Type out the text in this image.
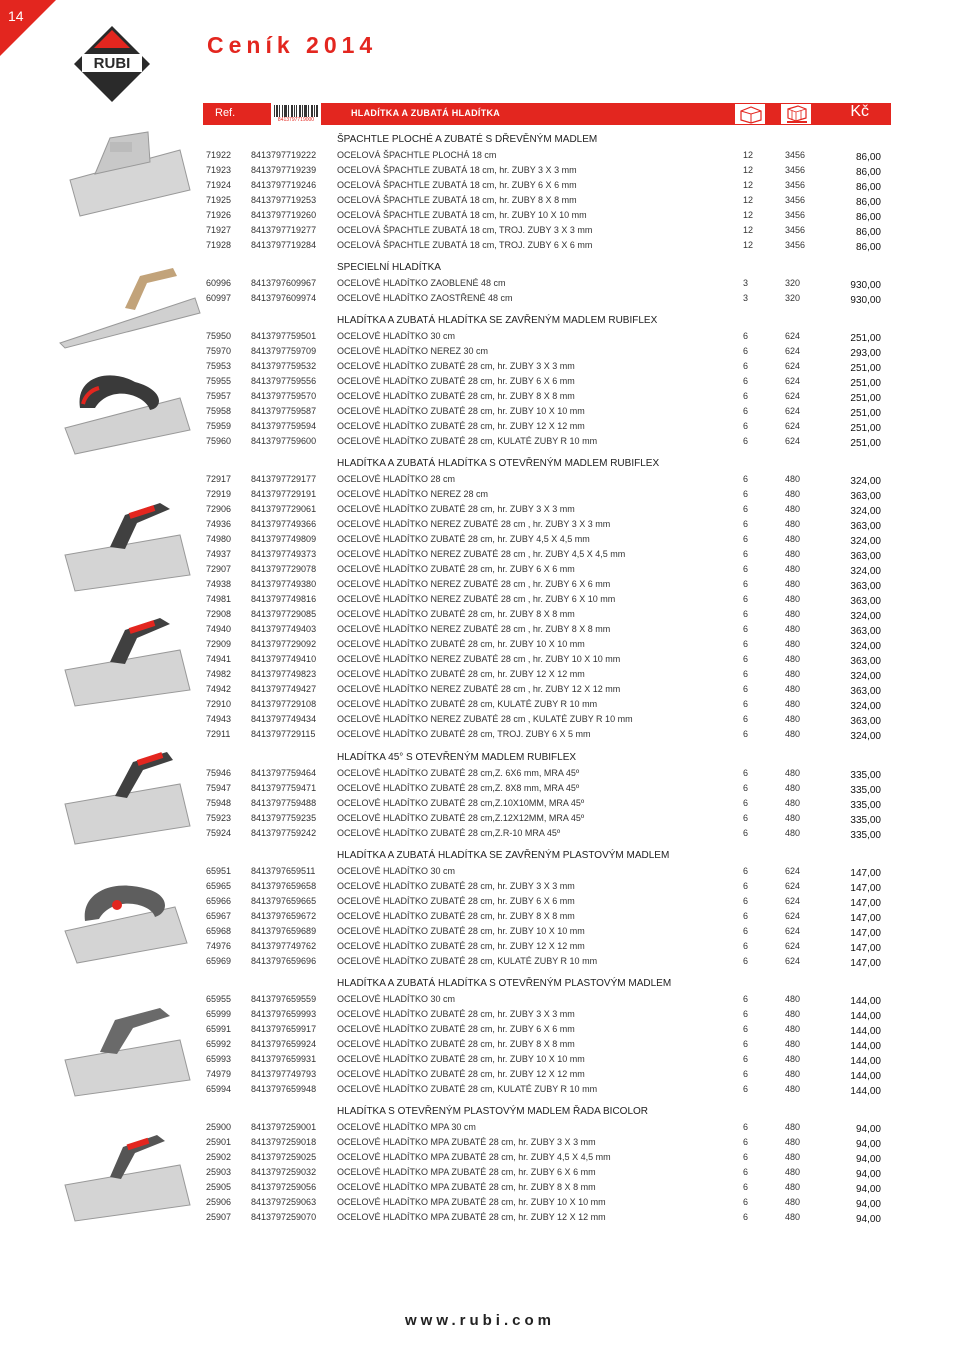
14
RUBI
Ceník 2014
Ref.
8413797719000
HLADÍTKA A ZUBATÁ HLADÍTKA	Kč
ŠPACHTLE PLOCHÉ A ZUBATÉ S DŘEVĚNÝM MADLEM
71922 8413797719222 OCELOVÁ ŠPACHTLE PLOCHÁ 18 cm	12	3456	86,00
71923 8413797719239 OCELOVÁ ŠPACHTLE ZUBATÁ 18 cm, hr. ZUBY 3 X 3 mm	12	3456	86,00
71924 8413797719246 OCELOVÁ ŠPACHTLE ZUBATÁ 18 cm, hr. ZUBY 6 X 6 mm	12	3456	86,00
71925 8413797719253 OCELOVÁ ŠPACHTLE ZUBATÁ 18 cm, hr. ZUBY 8 X 8 mm	12	3456	86,00
71926 8413797719260 OCELOVÁ ŠPACHTLE ZUBATÁ 18 cm, hr. ZUBY 10 X 10 mm	12	3456	86,00
71927 8413797719277 OCELOVÁ ŠPACHTLE ZUBATÁ 18 cm, TROJ. ZUBY 3 X 3 mm	12	3456	86,00
71928 8413797719284 OCELOVÁ ŠPACHTLE ZUBATÁ 18 cm, TROJ. ZUBY 6 X 6 mm	12	3456	86,00
SPECIELNÍ HLADÍTKA
60996 8413797609967 OCELOVÉ HLADÍTKO ZAOBLENÉ 48 cm	3	320	930,00
60997 8413797609974 OCELOVÉ HLADÍTKO ZAOSTŘENÉ 48 cm	3	320	930,00
HLADÍTKA A ZUBATÁ HLADÍTKA SE ZAVŘENÝM MADLEM RUBIFLEX
75950 8413797759501 OCELOVÉ HLADÍTKO 30 cm	6	624	251,00
75970 8413797759709 OCELOVÉ HLADÍTKO NEREZ 30 cm	6	624	293,00
75953 8413797759532 OCELOVÉ HLADÍTKO ZUBATÉ 28 cm, hr. ZUBY 3 X 3 mm	6	624	251,00
75955 8413797759556 OCELOVÉ HLADÍTKO ZUBATÉ 28 cm, hr. ZUBY 6 X 6 mm	6	624	251,00
75957 8413797759570 OCELOVÉ HLADÍTKO ZUBATÉ 28 cm, hr. ZUBY 8 X 8 mm	6	624	251,00
75958 8413797759587 OCELOVÉ HLADÍTKO ZUBATÉ 28 cm, hr. ZUBY 10 X 10 mm	6	624	251,00
75959 8413797759594 OCELOVÉ HLADÍTKO ZUBATÉ 28 cm, hr. ZUBY 12 X 12 mm	6	624	251,00
75960 8413797759600 OCELOVÉ HLADÍTKO ZUBATÉ 28 cm, KULATÉ ZUBY R 10 mm	6	624	251,00
HLADÍTKA A ZUBATÁ HLADÍTKA S OTEVŘENÝM MADLEM RUBIFLEX
72917 8413797729177 OCELOVÉ HLADÍTKO 28 cm	6	480	324,00
72919 8413797729191 OCELOVÉ HLADÍTKO NEREZ 28 cm	6	480	363,00
72906 8413797729061 OCELOVÉ HLADÍTKO ZUBATÉ 28 cm, hr. ZUBY 3 X 3 mm	6	480	324,00
74936 8413797749366 OCELOVÉ HLADÍTKO NEREZ ZUBATÉ 28 cm , hr. ZUBY 3 X 3 mm	6	480	363,00
74980 8413797749809 OCELOVÉ HLADÍTKO ZUBATÉ 28 cm, hr. ZUBY 4,5 X 4,5 mm	6	480	324,00
74937 8413797749373 OCELOVÉ HLADÍTKO NEREZ ZUBATÉ 28 cm , hr. ZUBY 4,5 X 4,5 mm	6	480	363,00
72907 8413797729078 OCELOVÉ HLADÍTKO ZUBATÉ 28 cm, hr. ZUBY 6 X 6 mm	6	480	324,00
74938 8413797749380 OCELOVÉ HLADÍTKO NEREZ ZUBATÉ 28 cm , hr. ZUBY 6 X 6 mm	6	480	363,00
74981 8413797749816 OCELOVÉ HLADÍTKO NEREZ ZUBATÉ 28 cm , hr. ZUBY 6 X 10 mm	6	480	363,00
72908 8413797729085 OCELOVÉ HLADÍTKO ZUBATÉ 28 cm, hr. ZUBY 8 X 8 mm	6	480	324,00
74940 8413797749403 OCELOVÉ HLADÍTKO NEREZ ZUBATÉ 28 cm , hr. ZUBY 8 X 8 mm	6	480	363,00
72909 8413797729092 OCELOVÉ HLADÍTKO ZUBATÉ 28 cm, hr. ZUBY 10 X 10 mm	6	480	324,00
74941 8413797749410 OCELOVÉ HLADÍTKO NEREZ ZUBATÉ 28 cm , hr. ZUBY 10 X 10 mm	6	480	363,00
74982 8413797749823 OCELOVÉ HLADÍTKO ZUBATÉ 28 cm, hr. ZUBY 12 X 12 mm	6	480	324,00
74942 8413797749427 OCELOVÉ HLADÍTKO NEREZ ZUBATÉ 28 cm , hr. ZUBY 12 X 12 mm	6	480	363,00
72910 8413797729108 OCELOVÉ HLADÍTKO ZUBATÉ 28 cm, KULATÉ ZUBY R 10 mm	6	480	324,00
74943 8413797749434 OCELOVÉ HLADÍTKO NEREZ ZUBATÉ 28 cm , KULATÉ ZUBY R 10 mm	6	480	363,00
72911 8413797729115 OCELOVÉ HLADÍTKO ZUBATÉ 28 cm, TROJ. ZUBY 6 X 5 mm	6	480	324,00
HLADÍTKA 45° S OTEVŘENÝM MADLEM RUBIFLEX
75946 8413797759464 OCELOVÉ HLADÍTKO ZUBATÉ 28 cm,Z. 6X6 mm, MRA 45º	6	480	335,00
75947 8413797759471 OCELOVÉ HLADÍTKO ZUBATÉ 28 cm,Z. 8X8 mm, MRA 45º	6	480	335,00
75948 8413797759488 OCELOVÉ HLADÍTKO ZUBATÉ 28 cm,Z.10X10MM, MRA 45º	6	480	335,00
75923 8413797759235 OCELOVÉ HLADÍTKO ZUBATÉ 28 cm,Z.12X12MM, MRA 45º	6	480	335,00
75924 8413797759242 OCELOVÉ HLADÍTKO ZUBATÉ 28 cm,Z.R-10 MRA 45º	6	480	335,00
HLADÍTKA A ZUBATÁ HLADÍTKA SE ZAVŘENÝM PLASTOVÝM MADLEM
65951 8413797659511 OCELOVÉ HLADÍTKO 30 cm	6	624	147,00
65965 8413797659658 OCELOVÉ HLADÍTKO ZUBATÉ 28 cm, hr. ZUBY 3 X 3 mm	6	624	147,00
65966 8413797659665 OCELOVÉ HLADÍTKO ZUBATÉ 28 cm, hr. ZUBY 6 X 6 mm	6	624	147,00
65967 8413797659672 OCELOVÉ HLADÍTKO ZUBATÉ 28 cm, hr. ZUBY 8 X 8 mm	6	624	147,00
65968 8413797659689 OCELOVÉ HLADÍTKO ZUBATÉ 28 cm, hr. ZUBY 10 X 10 mm	6	624	147,00
74976 8413797749762 OCELOVÉ HLADÍTKO ZUBATÉ 28 cm, hr. ZUBY 12 X 12 mm	6	624	147,00
65969 8413797659696 OCELOVÉ HLADÍTKO ZUBATÉ 28 cm, KULATÉ ZUBY R 10 mm	6	624	147,00
HLADÍTKA A ZUBATÁ HLADÍTKA S OTEVŘENÝM PLASTOVÝM MADLEM
65955 8413797659559 OCELOVÉ HLADÍTKO 30 cm	6	480	144,00
65999 8413797659993 OCELOVÉ HLADÍTKO ZUBATÉ 28 cm, hr. ZUBY 3 X 3 mm	6	480	144,00
65991 8413797659917 OCELOVÉ HLADÍTKO ZUBATÉ 28 cm, hr. ZUBY 6 X 6 mm	6	480	144,00
65992 8413797659924 OCELOVÉ HLADÍTKO ZUBATÉ 28 cm, hr. ZUBY 8 X 8 mm	6	480	144,00
65993 8413797659931 OCELOVÉ HLADÍTKO ZUBATÉ 28 cm, hr. ZUBY 10 X 10 mm	6	480	144,00
74979 8413797749793 OCELOVÉ HLADÍTKO ZUBATÉ 28 cm, hr. ZUBY 12 X 12 mm	6	480	144,00
65994 8413797659948 OCELOVÉ HLADÍTKO ZUBATÉ 28 cm, KULATÉ ZUBY R 10 mm	6	480	144,00
HLADÍTKA S OTEVŘENÝM PLASTOVÝM MADLEM ŘADA BICOLOR
25900 8413797259001 OCELOVÉ HLADÍTKO MPA 30 cm	6	480	94,00
25901 8413797259018 OCELOVÉ HLADÍTKO MPA ZUBATÉ 28 cm, hr. ZUBY 3 X 3 mm	6	480	94,00
25902 8413797259025 OCELOVÉ HLADÍTKO MPA ZUBATÉ 28 cm, hr. ZUBY 4,5 X 4,5 mm	6	480	94,00
25903 8413797259032 OCELOVÉ HLADÍTKO MPA ZUBATÉ 28 cm, hr. ZUBY 6 X 6 mm	6	480	94,00
25905 8413797259056 OCELOVÉ HLADÍTKO MPA ZUBATÉ 28 cm, hr. ZUBY 8 X 8 mm	6	480	94,00
25906 8413797259063 OCELOVÉ HLADÍTKO MPA ZUBATÉ 28 cm, hr. ZUBY 10 X 10 mm	6	480	94,00
25907 8413797259070 OCELOVÉ HLADÍTKO MPA ZUBATÉ 28 cm, hr. ZUBY 12 X 12 mm	6	480	94,00
www.rubi.com
